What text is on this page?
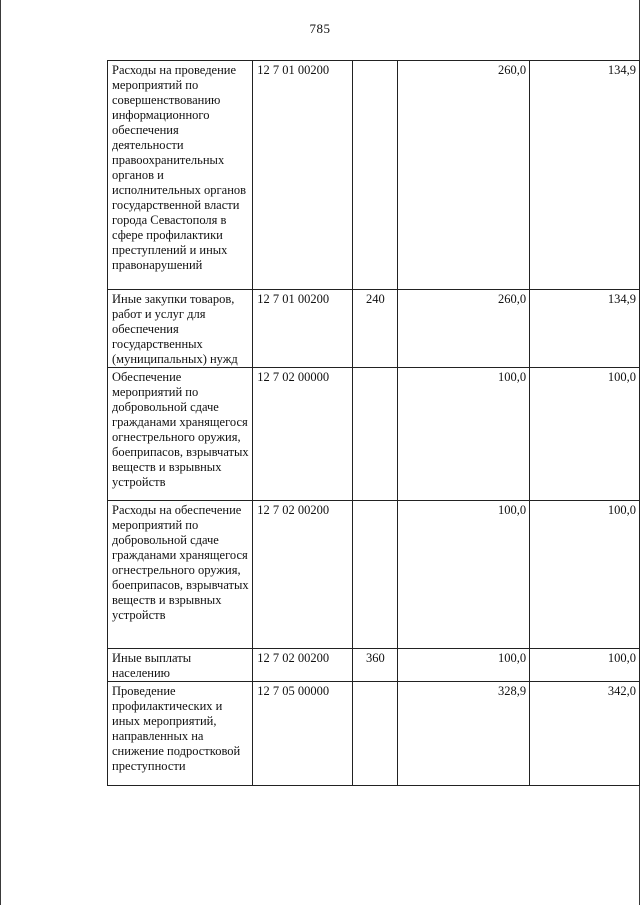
785
Расходы на проведение мероприятий по совершенствованию информационного обеспечения деятельности правоохранительных органов и исполнительных органов государственной власти города Севастополя в сфере профилактики преступлений и иных правонарушений	12 7 01 00200		260,0	134,9
Иные закупки товаров, работ и услуг для обеспечения государственных (муниципальных) нужд	12 7 01 00200	240	260,0	134,9
Обеспечение мероприятий по добровольной сдаче гражданами хранящегося огнестрельного оружия, боеприпасов, взрывчатых веществ и взрывных устройств	12 7 02 00000		100,0	100,0
Расходы на обеспечение мероприятий по добровольной сдаче гражданами хранящегося огнестрельного оружия, боеприпасов, взрывчатых веществ и взрывных устройств	12 7 02 00200		100,0	100,0
Иные выплаты населению	12 7 02 00200	360	100,0	100,0
Проведение профилактических и иных мероприятий, направленных на снижение подростковой преступности	12 7 05 00000		328,9	342,0
